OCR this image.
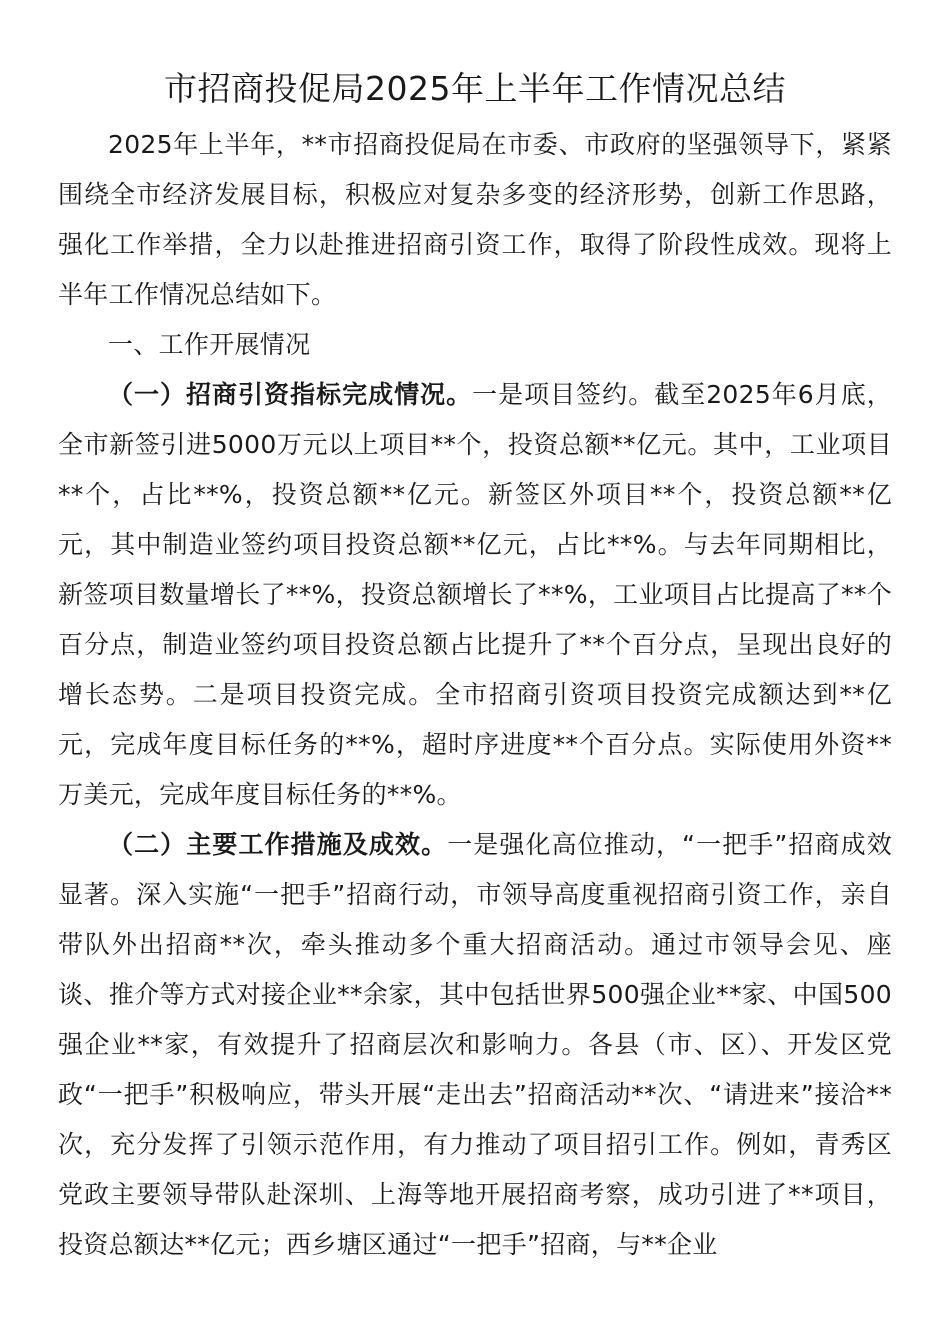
市招商投促局2025年上半年工作情况总结

2025年上半年，**市招商投促局在市委、市政府的坚强领导下，紧紧围绕全市经济发展目标，积极应对复杂多变的经济形势，创新工作思路，强化工作举措，全力以赴推进招商引资工作，取得了阶段性成效。现将上半年工作情况总结如下。

一、工作开展情况

（一）招商引资指标完成情况。一是项目签约。截至2025年6月底，全市新签引进5000万元以上项目**个，投资总额**亿元。其中，工业项目**个，占比**%，投资总额**亿元。新签区外项目**个，投资总额**亿元，其中制造业签约项目投资总额**亿元，占比**%。与去年同期相比，新签项目数量增长了**%，投资总额增长了**%，工业项目占比提高了**个百分点，制造业签约项目投资总额占比提升了**个百分点，呈现出良好的增长态势。二是项目投资完成。全市招商引资项目投资完成额达到**亿元，完成年度目标任务的**%，超时序进度**个百分点。实际使用外资**万美元，完成年度目标任务的**%。

（二）主要工作措施及成效。一是强化高位推动，“一把手”招商成效显著。深入实施“一把手”招商行动，市领导高度重视招商引资工作，亲自带队外出招商**次，牵头推动多个重大招商活动。通过市领导会见、座谈、推介等方式对接企业**余家，其中包括世界500强企业**家、中国500强企业**家，有效提升了招商层次和影响力。各县（市、区）、开发区党政“一把手”积极响应，带头开展“走出去”招商活动**次、“请进来”接洽**次，充分发挥了引领示范作用，有力推动了项目招引工作。例如，青秀区党政主要领导带队赴深圳、上海等地开展招商考察，成功引进了**项目，投资总额达**亿元；西乡塘区通过“一把手”招商，与**企业
